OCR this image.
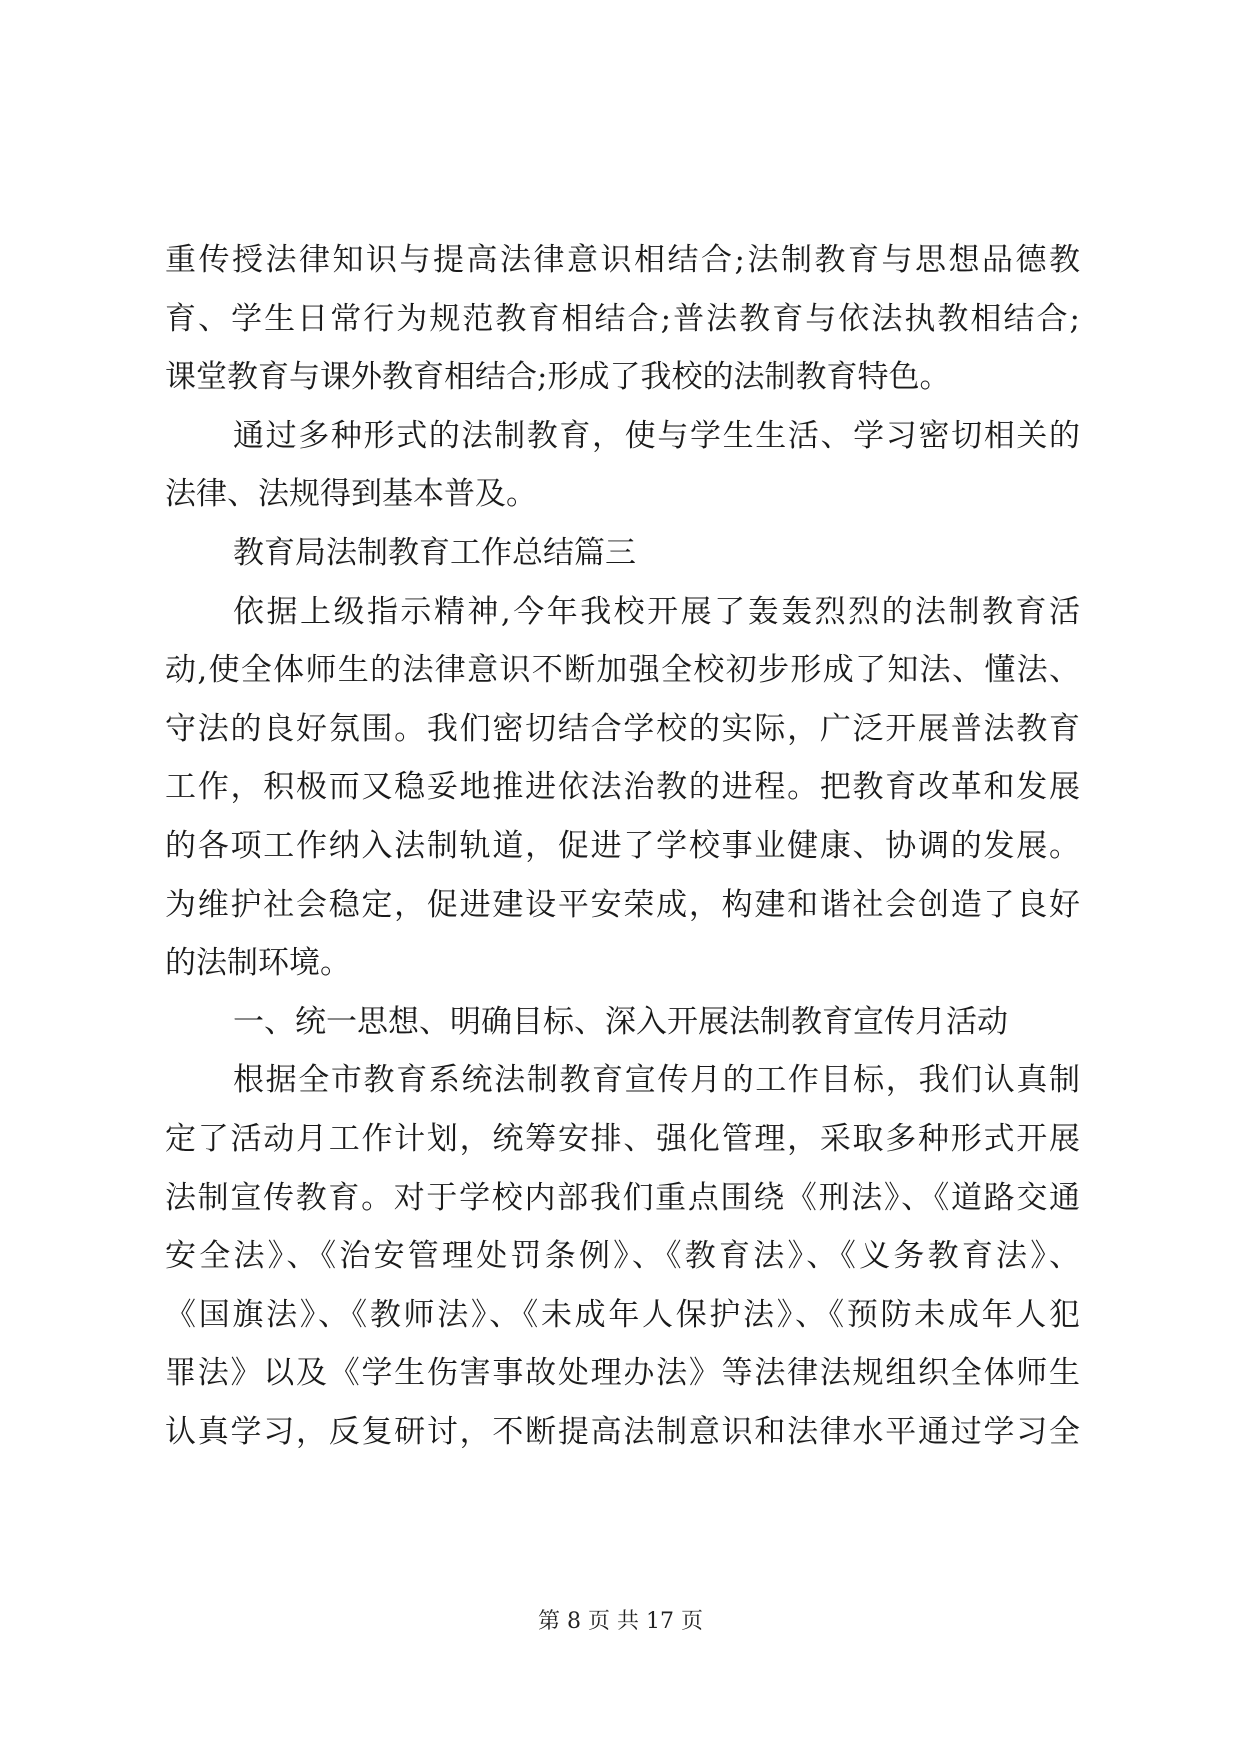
重传授法律知识与提高法律意识相结合;法制教育与思想品德教
育、学生日常行为规范教育相结合;普法教育与依法执教相结合;
课堂教育与课外教育相结合;形成了我校的法制教育特色。
通过多种形式的法制教育，使与学生生活、学习密切相关的
法律、法规得到基本普及。
教育局法制教育工作总结篇三
依据上级指示精神,今年我校开展了轰轰烈烈的法制教育活
动,使全体师生的法律意识不断加强全校初步形成了知法、懂法、
守法的良好氛围。我们密切结合学校的实际，广泛开展普法教育
工作，积极而又稳妥地推进依法治教的进程。把教育改革和发展
的各项工作纳入法制轨道，促进了学校事业健康、协调的发展。
为维护社会稳定，促进建设平安荣成，构建和谐社会创造了良好
的法制环境。
一、统一思想、明确目标、深入开展法制教育宣传月活动
根据全市教育系统法制教育宣传月的工作目标，我们认真制
定了活动月工作计划，统筹安排、强化管理，采取多种形式开展
法制宣传教育。对于学校内部我们重点围绕《刑法》、《道路交通
安全法》、《治安管理处罚条例》、《教育法》、《义务教育法》、
《国旗法》、《教师法》、《未成年人保护法》、《预防未成年人犯
罪法》以及《学生伤害事故处理办法》等法律法规组织全体师生
认真学习，反复研讨，不断提高法制意识和法律水平通过学习全
第 8 页 共 17 页
